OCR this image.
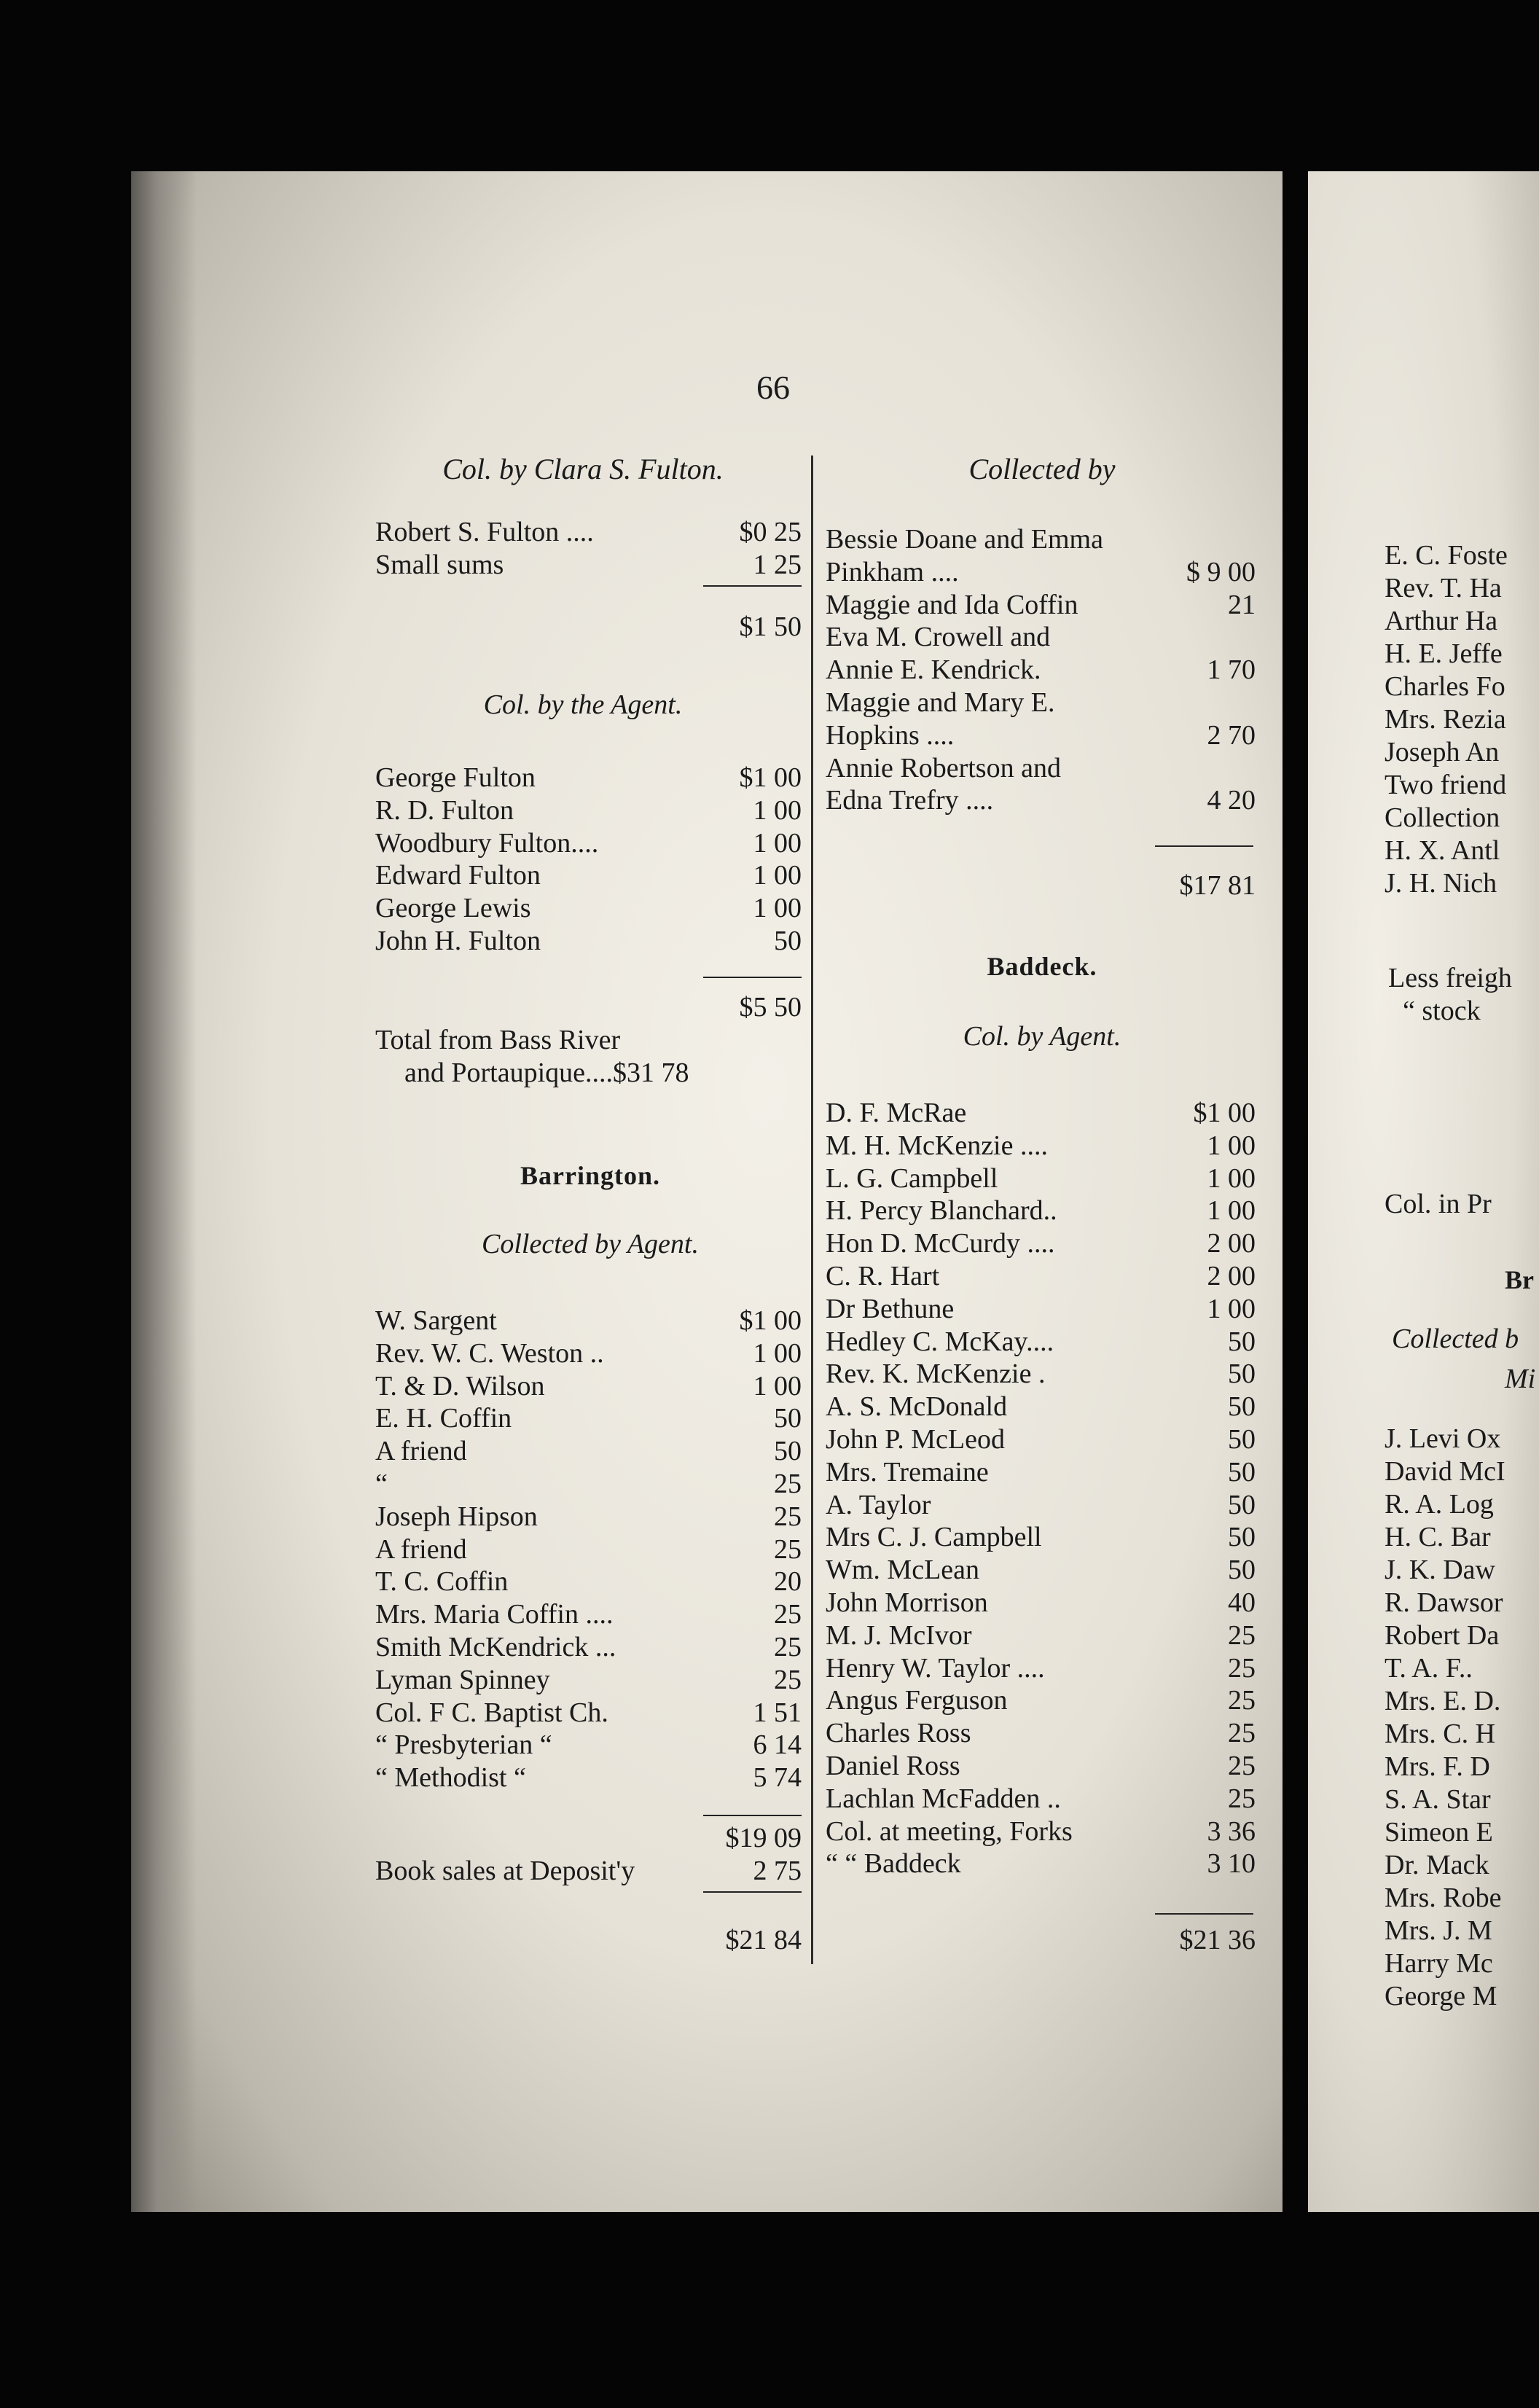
66
Col. by Clara S. Fulton.
Robert S. Fulton ....	$0 25
Small sums	1 25
$1 50
Col. by the Agent.
George Fulton	$1 00
R. D. Fulton	1 00
Woodbury Fulton....	1 00
Edward Fulton	1 00
George Lewis	1 00
John H. Fulton	50
$5 50
Total from Bass River
and Portaupique....$31 78
Barrington.
Collected by Agent.
W. Sargent	$1 00
Rev. W. C. Weston ..	1 00
T. & D. Wilson	1 00
E. H. Coffin	50
A friend	50
“	25
Joseph Hipson	25
A friend	25
T. C. Coffin	20
Mrs. Maria Coffin ....	25
Smith McKendrick ...	25
Lyman Spinney	25
Col. F C. Baptist Ch.	1 51
“ Presbyterian “	6 14
“ Methodist “	5 74
$19 09
Book sales at Deposit'y	2 75
$21 84
Collected by
Bessie Doane and Emma
Pinkham ....	$ 9 00
Maggie and Ida Coffin	21
Eva M. Crowell and
Annie E. Kendrick.	1 70
Maggie and Mary E.
Hopkins ....	2 70
Annie Robertson and
Edna Trefry ....	4 20
$17 81
Baddeck.
Col. by Agent.
D. F. McRae	$1 00
M. H. McKenzie ....	1 00
L. G. Campbell	1 00
H. Percy Blanchard..	1 00
Hon D. McCurdy ....	2 00
C. R. Hart	2 00
Dr Bethune	1 00
Hedley C. McKay....	50
Rev. K. McKenzie .	50
A. S. McDonald	50
John P. McLeod	50
Mrs. Tremaine	50
A. Taylor	50
Mrs C. J. Campbell	50
Wm. McLean	50
John Morrison	40
M. J. McIvor	25
Henry W. Taylor ....	25
Angus Ferguson	25
Charles Ross	25
Daniel Ross	25
Lachlan McFadden ..	25
Col. at meeting, Forks	3 36
“ “ Baddeck	3 10
$21 36
E. C. Foste
Rev. T. Ha
Arthur Ha
H. E. Jeffe
Charles Fo
Mrs. Rezia
Joseph An
Two friend
Collection
H. X. Antl
J. H. Nich
Less freigh
“ stock
Col. in Pr
Br
Collected b
Mi
J. Levi Ox
David McI
R. A. Log
H. C. Bar
J. K. Daw
R. Dawsor
Robert Da
T. A. F..
Mrs. E. D.
Mrs. C. H
Mrs. F. D
S. A. Star
Simeon E
Dr. Mack
Mrs. Robe
Mrs. J. M
Harry Mc
George M
